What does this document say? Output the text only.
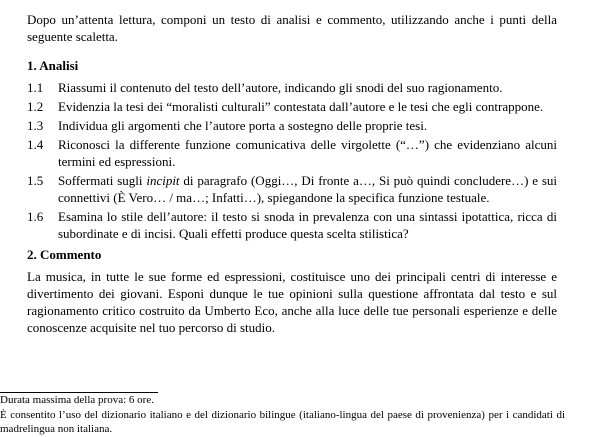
Dopo un’attenta lettura, componi un testo di analisi e commento, utilizzando anche i punti della seguente scaletta.
1. Analisi
1.1	Riassumi il contenuto del testo dell’autore, indicando gli snodi del suo ragionamento.
1.2	Evidenzia la tesi dei “moralisti culturali” contestata dall’autore e le tesi che egli contrappone.
1.3	Individua gli argomenti che l’autore porta a sostegno delle proprie tesi.
1.4	Riconosci la differente funzione comunicativa delle virgolette (“…”) che evidenziano alcuni termini ed espressioni.
1.5	Soffermati sugli incipit di paragrafo (Oggi…, Di fronte a…, Si può quindi concludere…) e sui connettivi (È Vero… / ma…; Infatti…), spiegandone la specifica funzione testuale.
1.6	Esamina lo stile dell’autore: il testo si snoda in prevalenza con una sintassi ipotattica, ricca di subordinate e di incisi. Quali effetti produce questa scelta stilistica?
2. Commento
La musica, in tutte le sue forme ed espressioni, costituisce uno dei principali centri di interesse e divertimento dei giovani. Esponi dunque le tue opinioni sulla questione affrontata dal testo e sul ragionamento critico costruito da Umberto Eco, anche alla luce delle tue personali esperienze e delle conoscenze acquisite nel tuo percorso di studio.

Durata massima della prova: 6 ore.

È consentito l’uso del dizionario italiano e del dizionario bilingue (italiano-lingua del paese di provenienza) per i candidati di madrelingua non italiana.
